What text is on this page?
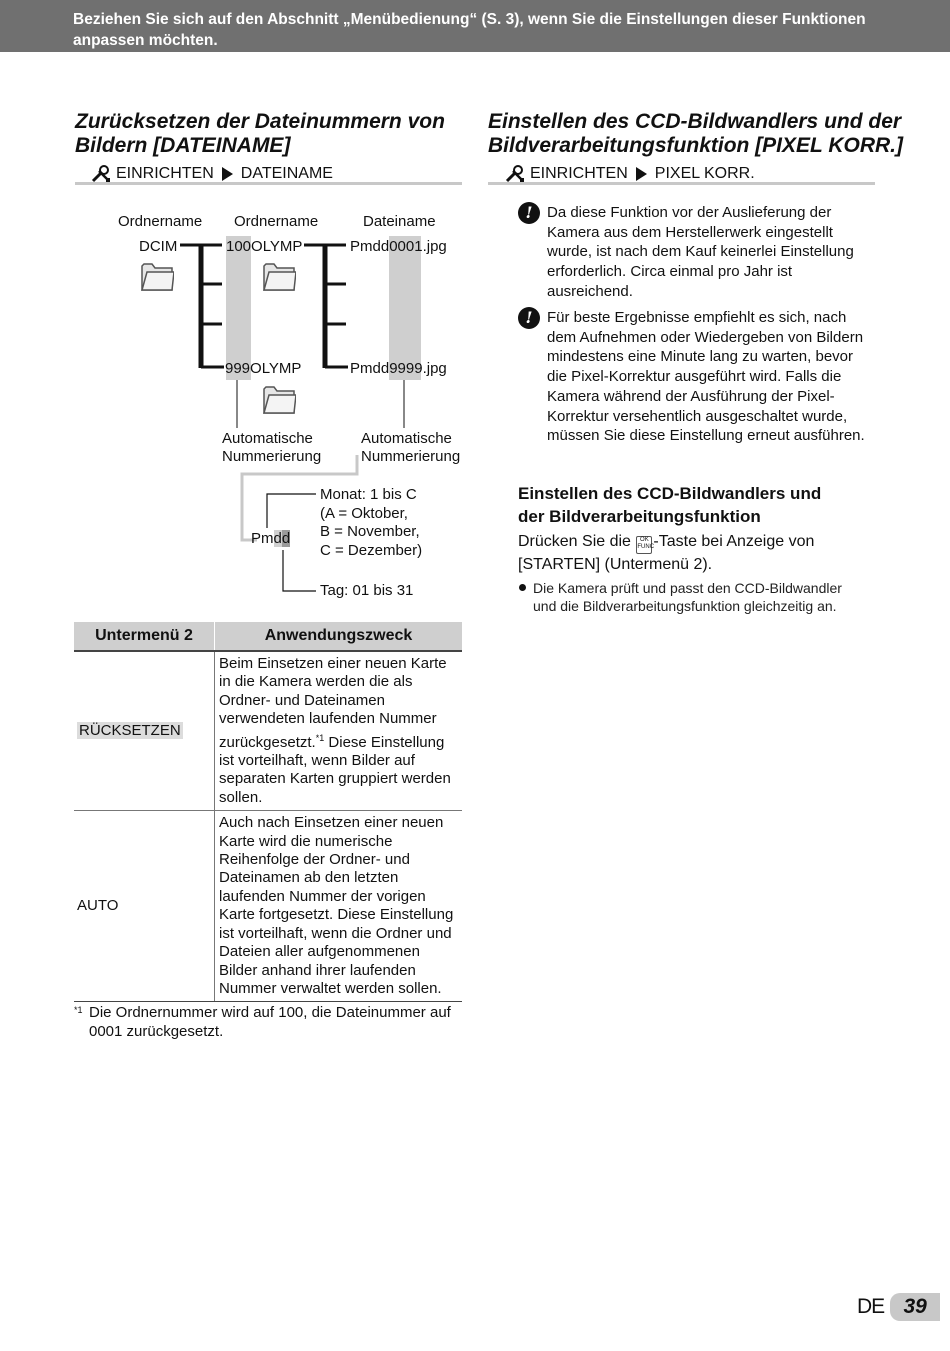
Beziehen Sie sich auf den Abschnitt „Menübedienung“ (S. 3), wenn Sie die Einstellungen dieser Funktionen anpassen möchten.
Zurücksetzen der Dateinummern von
Bildern [DATEINAME]
EINRICHTEN DATEINAME
Ordnername Ordnername	Dateiname
DCIM	100OLYMP	Pmdd0001.jpg
999OLYMP	Pmdd9999.jpg
Automatische
Nummerierung
Automatische
Nummerierung
Pmdd
Monat: 1 bis C
(A = Oktober,
B = November,
C = Dezember)
Tag: 01 bis 31
Untermenü 2	Anwendungszweck
RÜCKSETZEN	Beim Einsetzen einer neuen Karte in die Kamera werden die als Ordner- und Dateinamen verwendeten laufenden Nummer zurückgesetzt.$^{*1}$ Diese Einstellung ist vorteilhaft, wenn Bilder auf separaten Karten gruppiert werden sollen.
AUTO	Auch nach Einsetzen einer neuen Karte wird die numerische Reihenfolge der Ordner- und Dateinamen ab den letzten laufenden Nummer der vorigen Karte fortgesetzt. Diese Einstellung ist vorteilhaft, wenn die Ordner und Dateien aller aufgenommenen Bilder anhand ihrer laufenden Nummer verwaltet werden sollen.
*1 Die Ordnernummer wird auf 100, die Dateinummer auf 0001 zurückgesetzt.
Einstellen des CCD-Bildwandlers und der
Bildverarbeitungsfunktion [PIXEL KORR.]
EINRICHTEN PIXEL KORR.
! Da diese Funktion vor der Auslieferung der Kamera aus dem Herstellerwerk eingestellt wurde, ist nach dem Kauf keinerlei Einstellung erforderlich. Circa einmal pro Jahr ist ausreichend.
! Für beste Ergebnisse empfiehlt es sich, nach dem Aufnehmen oder Wiedergeben von Bildern mindestens eine Minute lang zu warten, bevor die Pixel-Korrektur ausgeführt wird. Falls die Kamera während der Ausführung der Pixel-Korrektur versehentlich ausgeschaltet wurde, müssen Sie diese Einstellung erneut ausführen.
Einstellen des CCD-Bildwandlers und
der Bildverarbeitungsfunktion
Drücken Sie die OK
FUNC-Taste bei Anzeige von [STARTEN] (Untermenü 2).
Die Kamera prüft und passt den CCD-Bildwandler und die Bildverarbeitungsfunktion gleichzeitig an.
DE 39
